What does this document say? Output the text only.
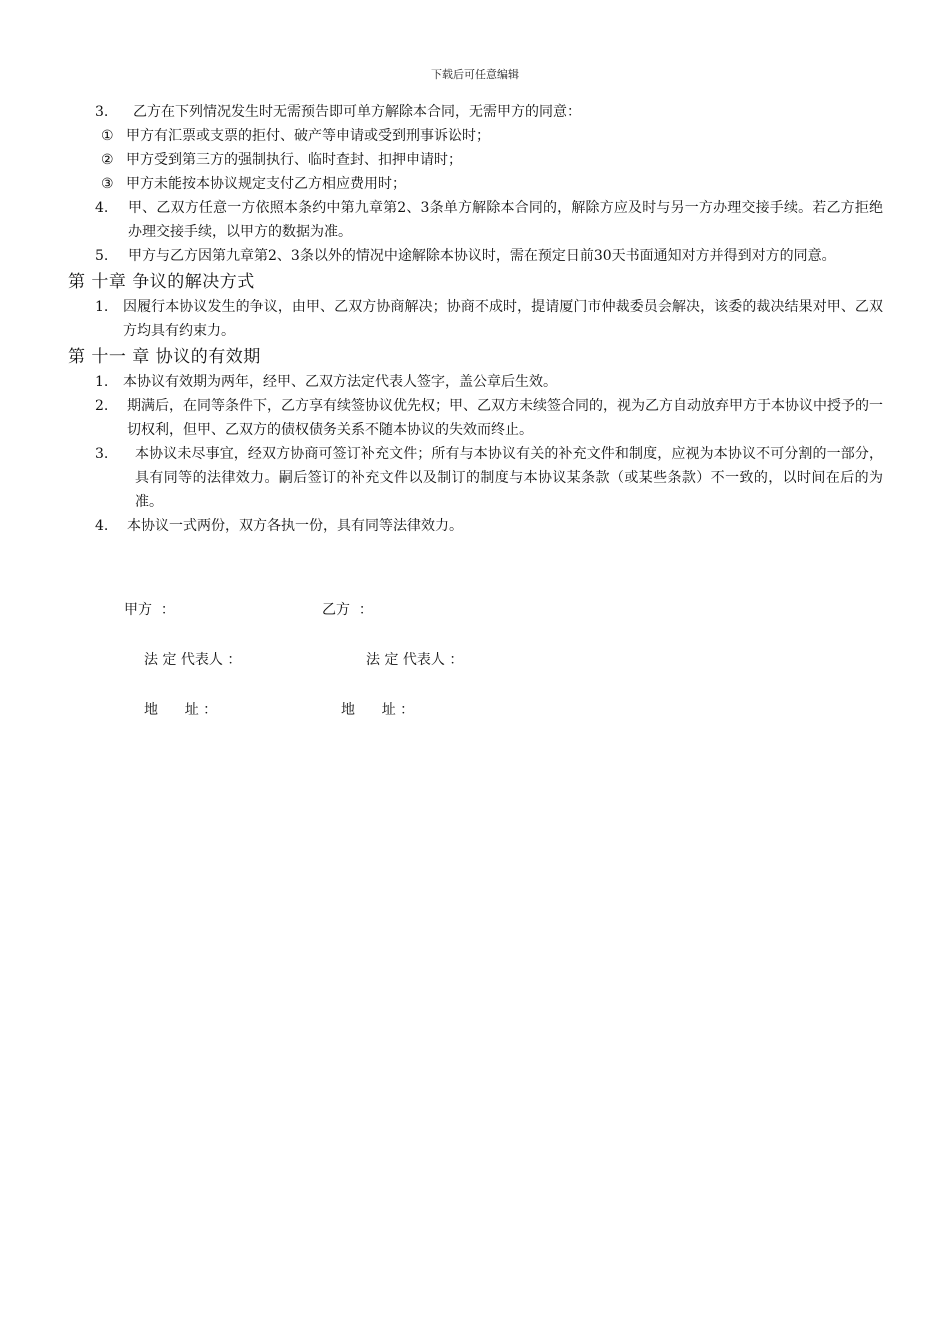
下载后可任意编辑
3. 乙方在下列情况发生时无需预告即可单方解除本合同，无需甲方的同意：
① 甲方有汇票或支票的拒付、破产等申请或受到刑事诉讼时；
② 甲方受到第三方的强制执行、临时查封、扣押申请时；
③ 甲方未能按本协议规定支付乙方相应费用时；
4. 甲、乙双方任意一方依照本条约中第九章第2、3条单方解除本合同的，解除方应及时与另一方办理交接手续。若乙方拒绝办理交接手续，以甲方的数据为准。
5. 甲方与乙方因第九章第2、3条以外的情况中途解除本协议时，需在预定日前30天书面通知对方并得到对方的同意。
第 十章 争议的解决方式
1. 因履行本协议发生的争议，由甲、乙双方协商解决；协商不成时，提请厦门市仲裁委员会解决，该委的裁决结果对甲、乙双方均具有约束力。
第 十一 章 协议的有效期
1. 本协议有效期为两年，经甲、乙双方法定代表人签字，盖公章后生效。
2. 期满后，在同等条件下，乙方享有续签协议优先权；甲、乙双方未续签合同的，视为乙方自动放弃甲方于本协议中授予的一切权利，但甲、乙双方的债权债务关系不随本协议的失效而终止。
3. 本协议未尽事宜，经双方协商可签订补充文件；所有与本协议有关的补充文件和制度，应视为本协议不可分割的一部分，具有同等的法律效力。嗣后签订的补充文件以及制订的制度与本协议某条款（或某些条款）不一致的，以时间在后的为准。
4. 本协议一式两份，双方各执一份，具有同等法律效力。
甲方  ：	乙方  ：
法 定 代表人 ：	法 定 代表人 ：
地      址 ：	地      址 ：
